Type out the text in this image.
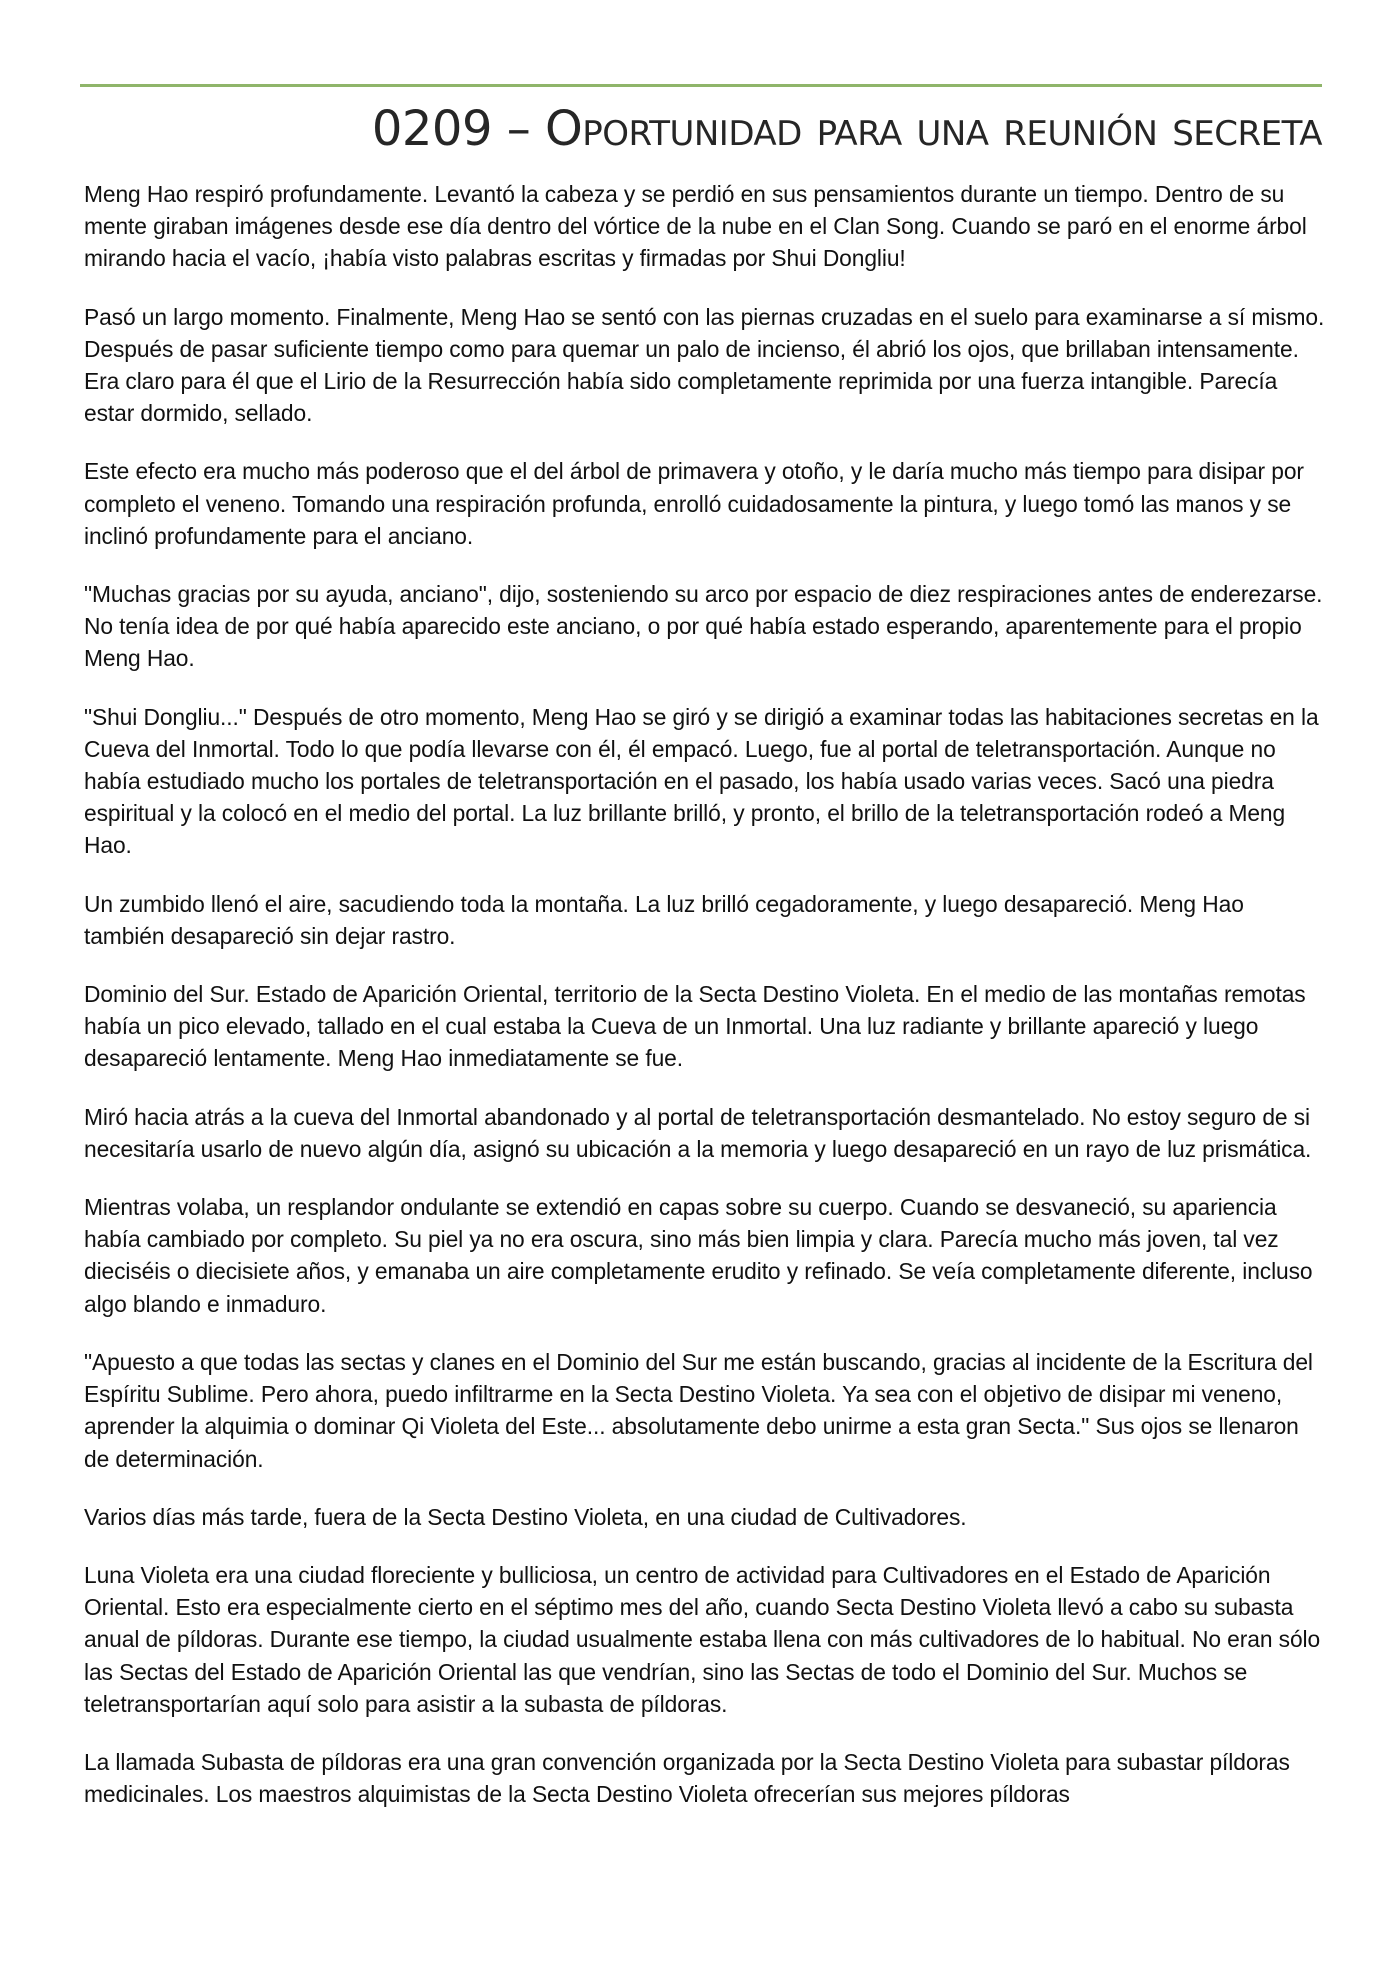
0209 – Oportunidad para una reunión secreta

Meng Hao respiró profundamente. Levantó la cabeza y se perdió en sus pensamientos durante un tiempo. Dentro de su mente giraban imágenes desde ese día dentro del vórtice de la nube en el Clan Song. Cuando se paró en el enorme árbol mirando hacia el vacío, ¡había visto palabras escritas y firmadas por Shui Dongliu!

Pasó un largo momento. Finalmente, Meng Hao se sentó con las piernas cruzadas en el suelo para examinarse a sí mismo. Después de pasar suficiente tiempo como para quemar un palo de incienso, él abrió los ojos, que brillaban intensamente. Era claro para él que el Lirio de la Resurrección había sido completamente reprimida por una fuerza intangible. Parecía estar dormido, sellado.

Este efecto era mucho más poderoso que el del árbol de primavera y otoño, y le daría mucho más tiempo para disipar por completo el veneno. Tomando una respiración profunda, enrolló cuidadosamente la pintura, y luego tomó las manos y se inclinó profundamente para el anciano.

"Muchas gracias por su ayuda, anciano", dijo, sosteniendo su arco por espacio de diez respiraciones antes de enderezarse. No tenía idea de por qué había aparecido este anciano, o por qué había estado esperando, aparentemente para el propio Meng Hao.

"Shui Dongliu..." Después de otro momento, Meng Hao se giró y se dirigió a examinar todas las habitaciones secretas en la Cueva del Inmortal. Todo lo que podía llevarse con él, él empacó. Luego, fue al portal de teletransportación. Aunque no había estudiado mucho los portales de teletransportación en el pasado, los había usado varias veces. Sacó una piedra espiritual y la colocó en el medio del portal. La luz brillante brilló, y pronto, el brillo de la teletransportación rodeó a Meng Hao.

Un zumbido llenó el aire, sacudiendo toda la montaña. La luz brilló cegadoramente, y luego desapareció. Meng Hao también desapareció sin dejar rastro.

Dominio del Sur. Estado de Aparición Oriental, territorio de la Secta Destino Violeta. En el medio de las montañas remotas había un pico elevado, tallado en el cual estaba la Cueva de un Inmortal. Una luz radiante y brillante apareció y luego desapareció lentamente. Meng Hao inmediatamente se fue.

Miró hacia atrás a la cueva del Inmortal abandonado y al portal de teletransportación desmantelado. No estoy seguro de si necesitaría usarlo de nuevo algún día, asignó su ubicación a la memoria y luego desapareció en un rayo de luz prismática.

Mientras volaba, un resplandor ondulante se extendió en capas sobre su cuerpo. Cuando se desvaneció, su apariencia había cambiado por completo. Su piel ya no era oscura, sino más bien limpia y clara. Parecía mucho más joven, tal vez dieciséis o diecisiete años, y emanaba un aire completamente erudito y refinado. Se veía completamente diferente, incluso algo blando e inmaduro.

"Apuesto a que todas las sectas y clanes en el Dominio del Sur me están buscando, gracias al incidente de la Escritura del Espíritu Sublime. Pero ahora, puedo infiltrarme en la Secta Destino Violeta. Ya sea con el objetivo de disipar mi veneno, aprender la alquimia o dominar Qi Violeta del Este... absolutamente debo unirme a esta gran Secta." Sus ojos se llenaron de determinación.

Varios días más tarde, fuera de la Secta Destino Violeta, en una ciudad de Cultivadores.

Luna Violeta era una ciudad floreciente y bulliciosa, un centro de actividad para Cultivadores en el Estado de Aparición Oriental. Esto era especialmente cierto en el séptimo mes del año, cuando Secta Destino Violeta llevó a cabo su subasta anual de píldoras. Durante ese tiempo, la ciudad usualmente estaba llena con más cultivadores de lo habitual. No eran sólo las Sectas del Estado de Aparición Oriental las que vendrían, sino las Sectas de todo el Dominio del Sur. Muchos se teletransportarían aquí solo para asistir a la subasta de píldoras.

La llamada Subasta de píldoras era una gran convención organizada por la Secta Destino Violeta para subastar píldoras medicinales. Los maestros alquimistas de la Secta Destino Violeta ofrecerían sus mejores píldoras
